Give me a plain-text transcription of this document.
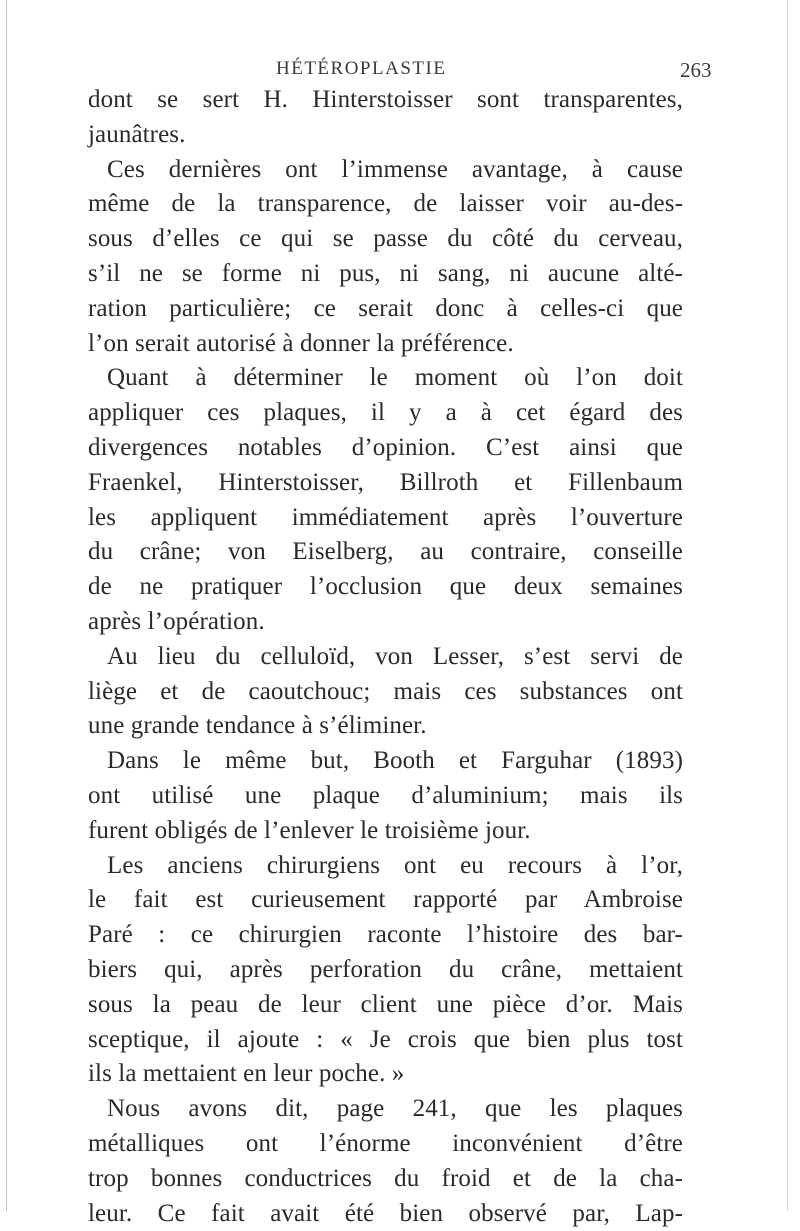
HÉTÉROPLASTIE	263
dont se sert H. Hinterstoisser sont transparentes,
jaunâtres.
Ces dernières ont l’immense avantage, à cause
même de la transparence, de laisser voir au-des-
sous d’elles ce qui se passe du côté du cerveau,
s’il ne se forme ni pus, ni sang, ni aucune alté-
ration particulière; ce serait donc à celles-ci que
l’on serait autorisé à donner la préférence.
Quant à déterminer le moment où l’on doit
appliquer ces plaques, il y a à cet égard des
divergences notables d’opinion. C’est ainsi que
Fraenkel, Hinterstoisser, Billroth et Fillenbaum
les appliquent immédiatement après l’ouverture
du crâne; von Eiselberg, au contraire, conseille
de ne pratiquer l’occlusion que deux semaines
après l’opération.
Au lieu du celluloïd, von Lesser, s’est servi de
liège et de caoutchouc; mais ces substances ont
une grande tendance à s’éliminer.
Dans le même but, Booth et Farguhar (1893)
ont utilisé une plaque d’aluminium; mais ils
furent obligés de l’enlever le troisième jour.
Les anciens chirurgiens ont eu recours à l’or,
le fait est curieusement rapporté par Ambroise
Paré : ce chirurgien raconte l’histoire des bar-
biers qui, après perforation du crâne, mettaient
sous la peau de leur client une pièce d’or. Mais
sceptique, il ajoute : « Je crois que bien plus tost
ils la mettaient en leur poche. »
Nous avons dit, page 241, que les plaques
métalliques ont l’énorme inconvénient d’être
trop bonnes conductrices du froid et de la cha-
leur. Ce fait avait été bien observé par, Lap-
